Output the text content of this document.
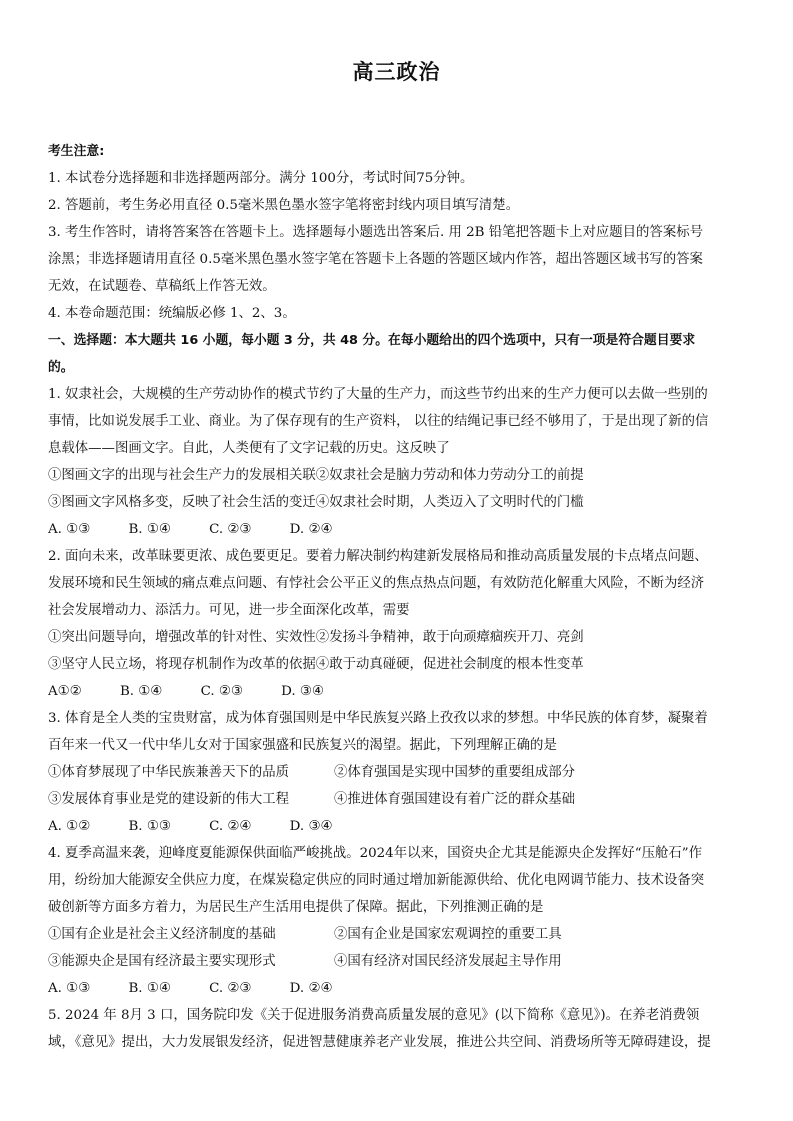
高三政治
考生注意:
1. 本试卷分选择题和非选择题两部分。满分 100分，考试时间75分钟。
2. 答题前，考生务必用直径 0.5毫米黑色墨水签字笔将密封线内项目填写清楚。
3. 考生作答时，请将答案答在答题卡上。选择题每小题选出答案后. 用 2B 铅笔把答题卡上对应题目的答案标号
涂黑；非选择题请用直径 0.5毫米黑色墨水签字笔在答题卡上各题的答题区域内作答，超出答题区域书写的答案
无效，在试题卷、草稿纸上作答无效。
4. 本卷命题范围：统编版必修 1、2、3。
一、选择题：本大题共 16 小题，每小题 3 分，共 48 分。在每小题给出的四个选项中，只有一项是符合题目要求
的。
1. 奴隶社会，大规模的生产劳动协作的模式节约了大量的生产力，而这些节约出来的生产力便可以去做一些别的
事情，比如说发展手工业、商业。为了保存现有的生产资料， 以往的结绳记事已经不够用了，于是出现了新的信
息载体——图画文字。自此，人类便有了文字记载的历史。这反映了
①图画文字的出现与社会生产力的发展相关联②奴隶社会是脑力劳动和体力劳动分工的前提
③图画文字风格多变，反映了社会生活的变迁④奴隶社会时期，人类迈入了文明时代的门槛
A. ①③	B. ①④	C. ②③	D. ②④
2. 面向未来，改革昧要更浓、成色要更足。要着力解决制约构建新发展格局和推动高质量发展的卡点堵点问题、
发展环境和民生领域的痛点难点问题、有悖社会公平正义的焦点热点问题，有效防范化解重大风险，不断为经济
社会发展增动力、添活力。可见，进一步全面深化改革，需要
①突出问题导向，增强改革的针对性、实效性②发扬斗争精神，敢于向顽瘴痼疾开刀、亮剑
③坚守人民立场，将现存机制作为改革的依据④敢于动真碰硬，促进社会制度的根本性变革
A①②	B. ①④	C. ②③	D. ③④
3. 体育是全人类的宝贵财富，成为体育强国则是中华民族复兴路上孜孜以求的梦想。中华民族的体育梦，凝聚着
百年来一代又一代中华儿女对于国家强盛和民族复兴的渴望。据此，下列理解正确的是
①体育梦展现了中华民族兼善天下的品质	②体育强国是实现中国梦的重要组成部分
③发展体育事业是党的建设新的伟大工程	④推进体育强国建设有着广泛的群众基础
A. ①②	B. ①③	C. ②④	D. ③④
4. 夏季高温来袭，迎峰度夏能源保供面临严峻挑战。2024年以来，国资央企尤其是能源央企发挥好“压舱石”作
用，纷纷加大能源安全供应力度，在煤炭稳定供应的同时通过增加新能源供给、优化电网调节能力、技术设备突
破创新等方面多方着力，为居民生产生活用电提供了保障。据此，下列推测正确的是
①国有企业是社会主义经济制度的基础	②国有企业是国家宏观调控的重要工具
③能源央企是国有经济最主要实现形式	④国有经济对国民经济发展起主导作用
A. ①③	B. ①④	C. ②③	D. ②④
5. 2024 年 8月 3 口，国务院印发《关于促进服务消费高质量发展的意见》(以下简称《意见》)。在养老消费领
域，《意见》提出，大力发展银发经济，促进智慧健康养老产业发展，推进公共空间、消费场所等无障碍建设，提
